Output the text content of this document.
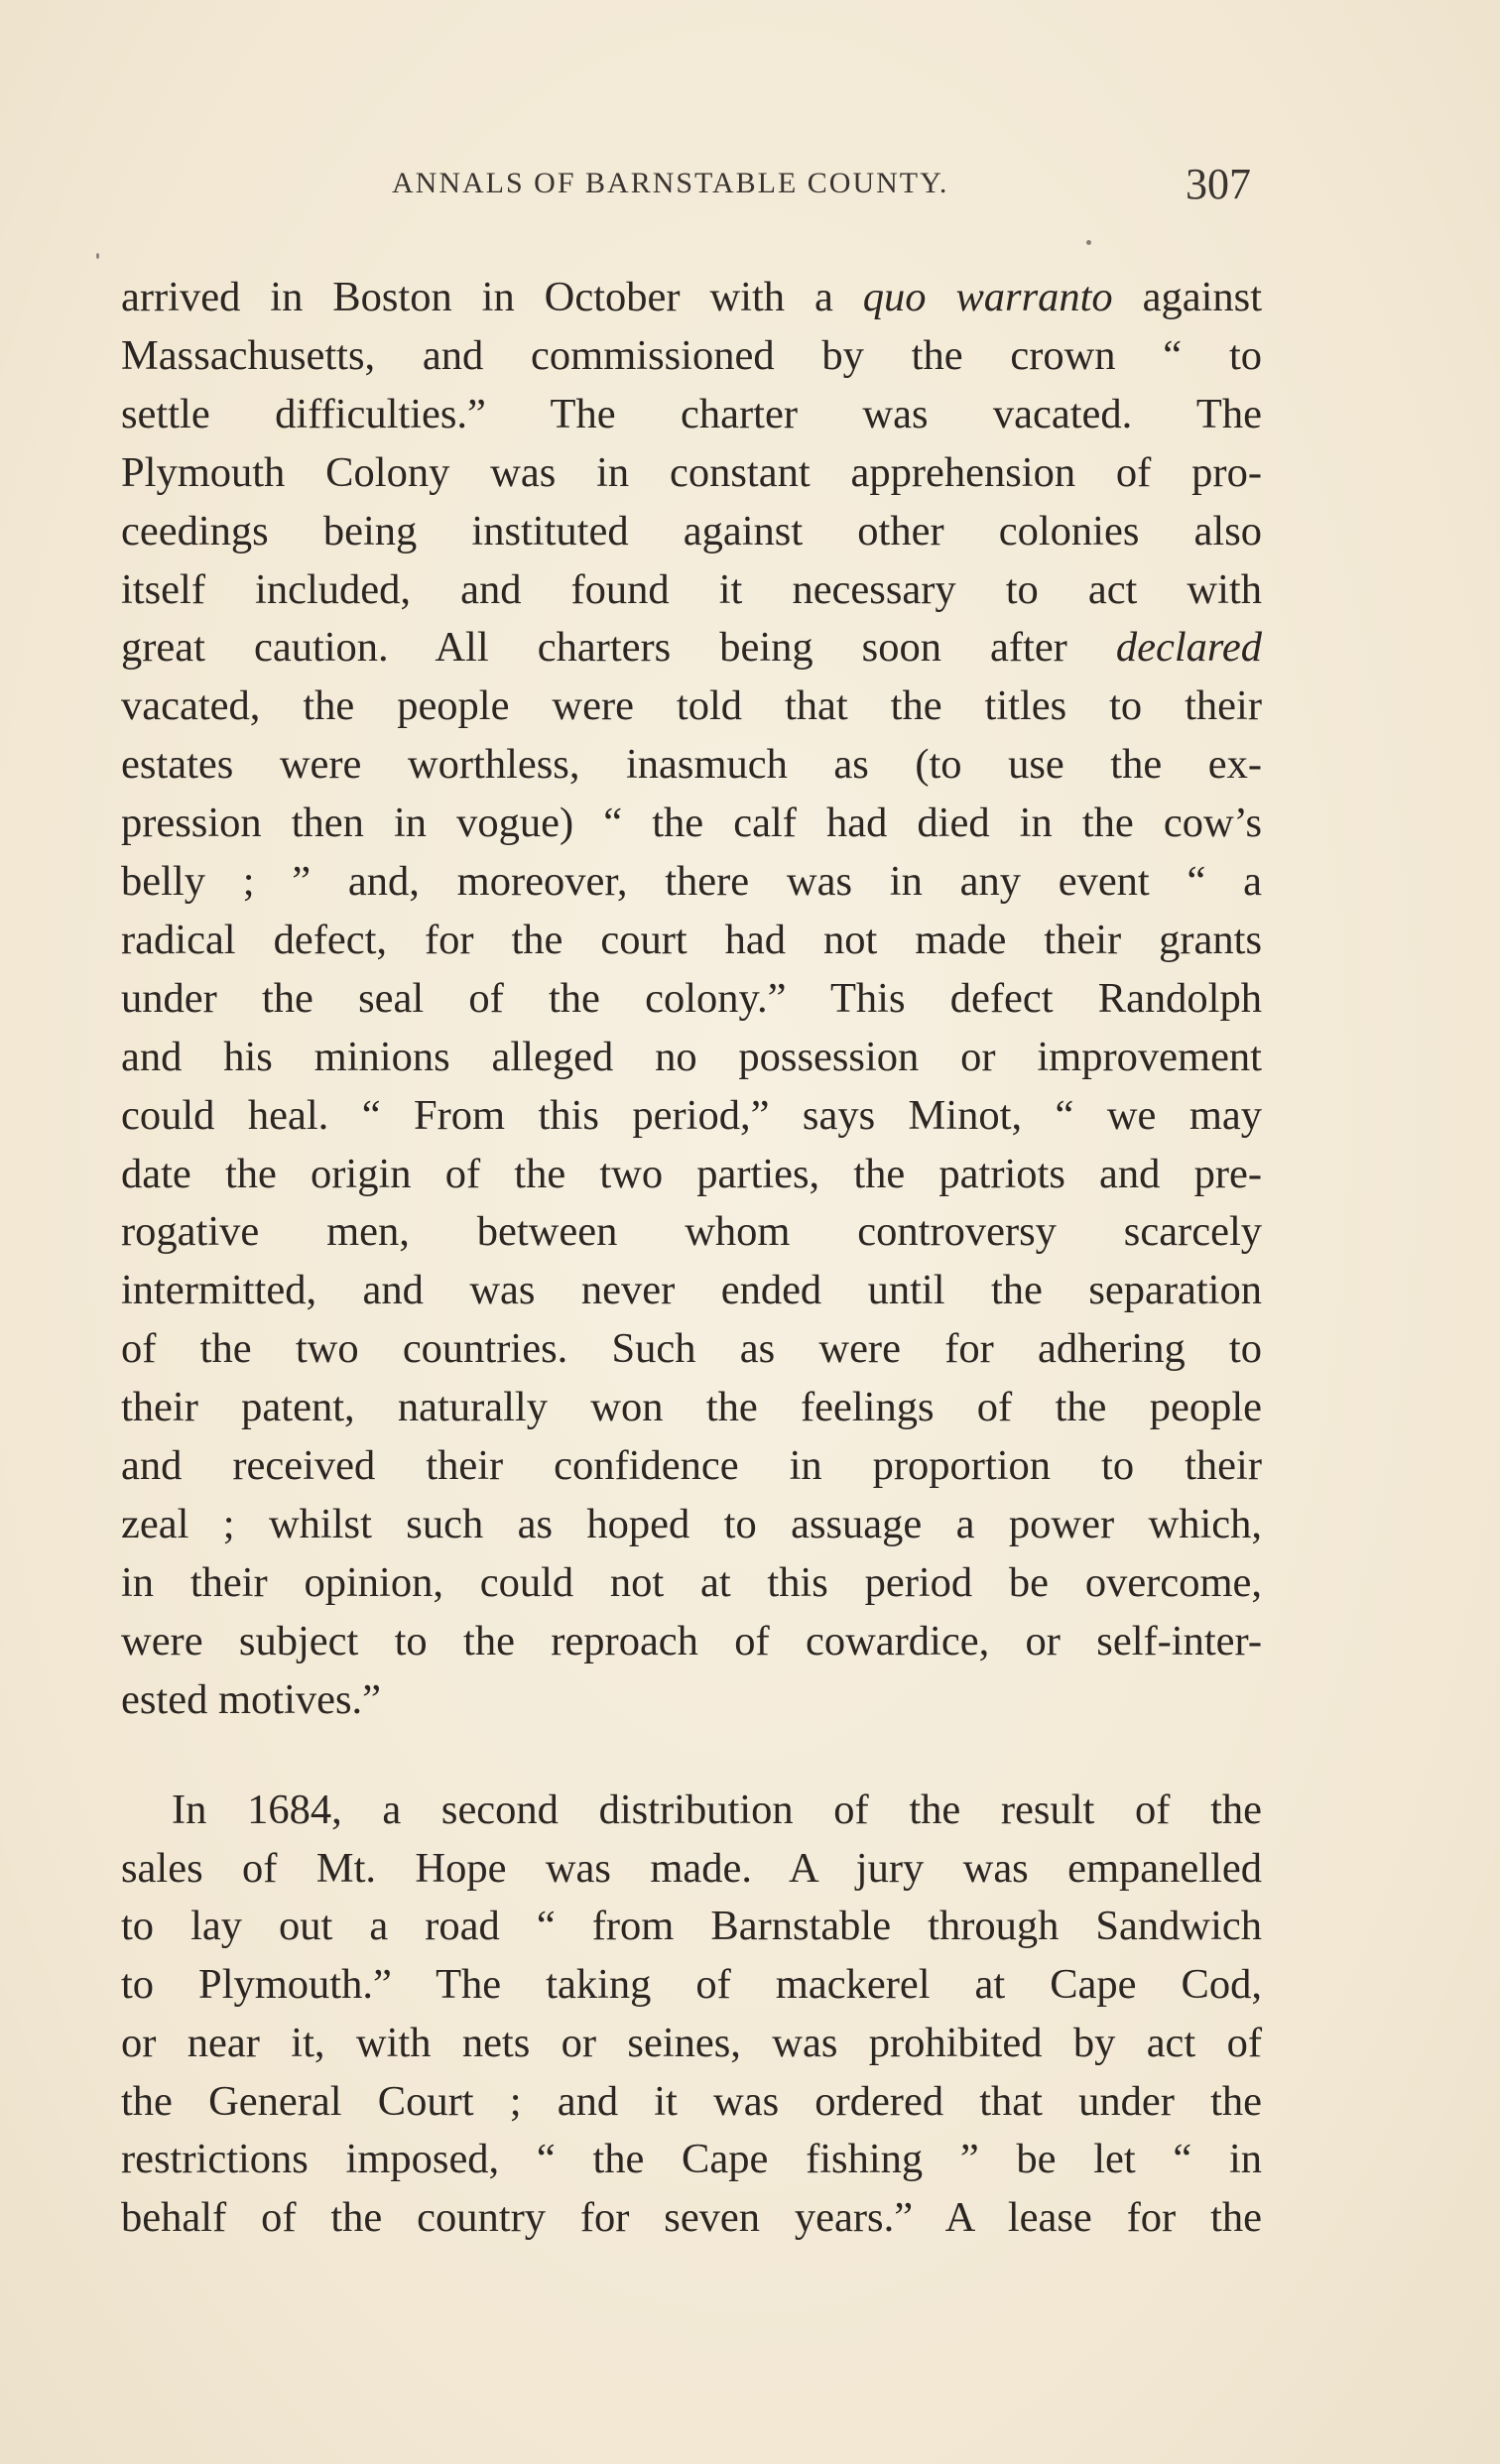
ANNALS OF BARNSTABLE COUNTY.	307
arrived in Boston in October with a quo warranto against
Massachusetts, and commissioned by the crown “ to
settle difficulties.” The charter was vacated. The
Plymouth Colony was in constant apprehension of pro-
ceedings being instituted against other colonies also
itself included, and found it necessary to act with
great caution. All charters being soon after declared
vacated, the people were told that the titles to their
estates were worthless, inasmuch as (to use the ex-
pression then in vogue) “ the calf had died in the cow’s
belly ; ” and, moreover, there was in any event “ a
radical defect, for the court had not made their grants
under the seal of the colony.” This defect Randolph
and his minions alleged no possession or improvement
could heal. “ From this period,” says Minot, “ we may
date the origin of the two parties, the patriots and pre-
rogative men, between whom controversy scarcely
intermitted, and was never ended until the separation
of the two countries. Such as were for adhering to
their patent, naturally won the feelings of the people
and received their confidence in proportion to their
zeal ; whilst such as hoped to assuage a power which,
in their opinion, could not at this period be overcome,
were subject to the reproach of cowardice, or self-inter-
ested motives.”
In 1684, a second distribution of the result of the
sales of Mt. Hope was made. A jury was empanelled
to lay out a road “ from Barnstable through Sandwich
to Plymouth.” The taking of mackerel at Cape Cod,
or near it, with nets or seines, was prohibited by act of
the General Court ; and it was ordered that under the
restrictions imposed, “ the Cape fishing ” be let “ in
behalf of the country for seven years.” A lease for the
